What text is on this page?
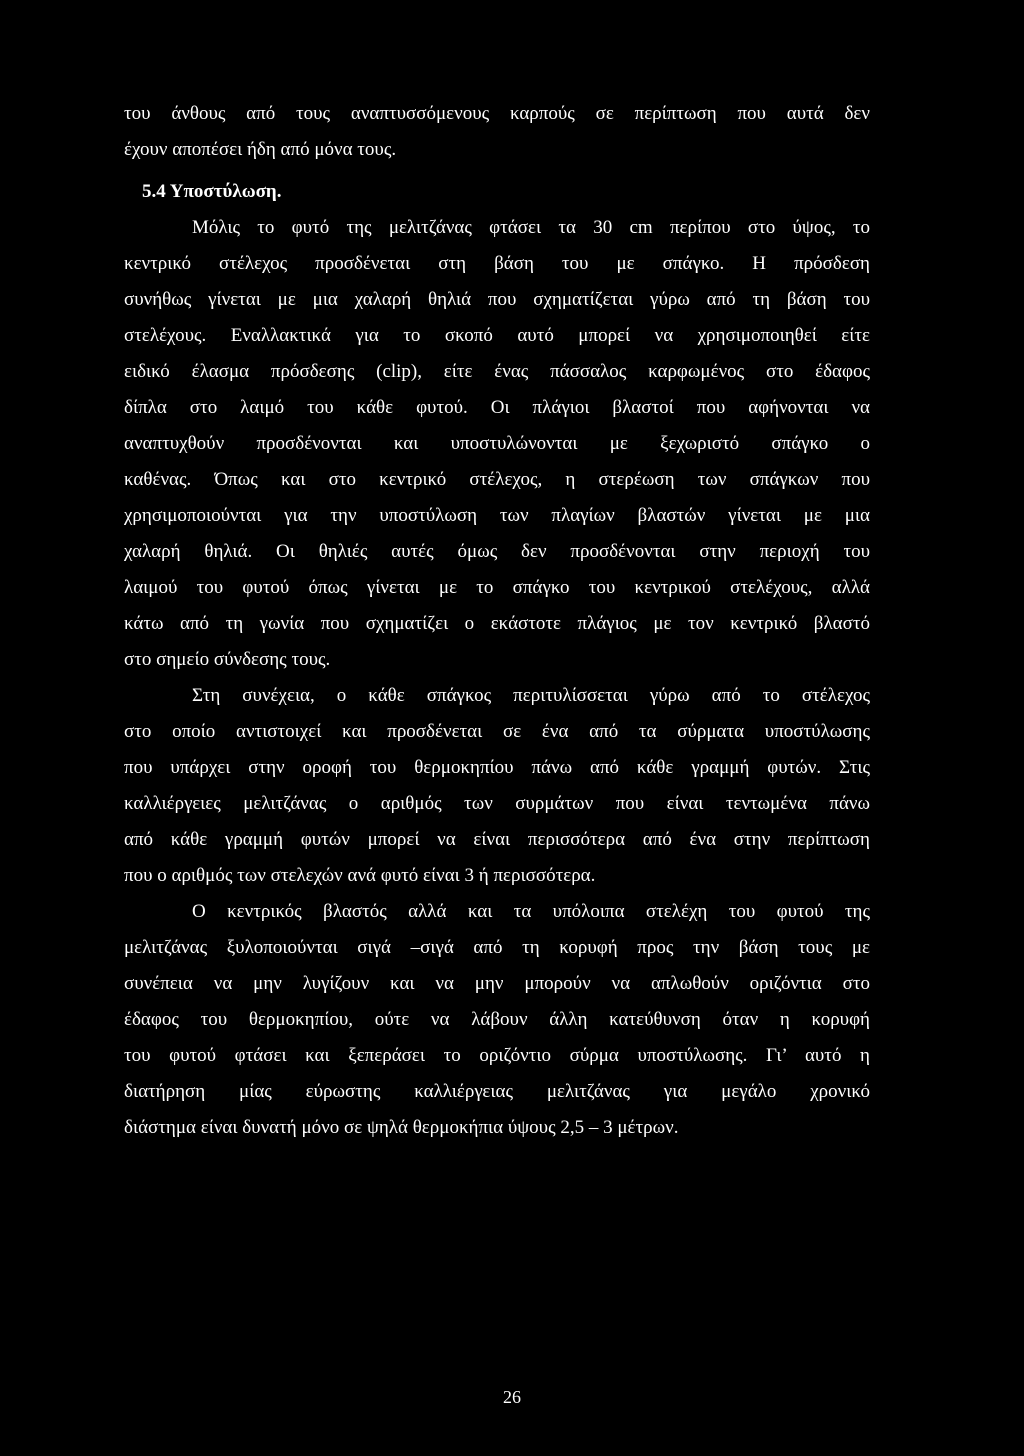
του άνθους από τους αναπτυσσόμενους καρπούς σε περίπτωση που αυτά δεν
έχουν αποπέσει ήδη από μόνα τους.
5.4 Υποστύλωση.
Μόλις το φυτό της μελιτζάνας φτάσει τα 30 cm περίπου στο ύψος, το
κεντρικό στέλεχος προσδένεται στη βάση του με σπάγκο. Η πρόσδεση
συνήθως γίνεται με μια χαλαρή θηλιά που σχηματίζεται γύρω από τη βάση του
στελέχους. Εναλλακτικά για το σκοπό αυτό μπορεί να χρησιμοποιηθεί είτε
ειδικό έλασμα πρόσδεσης (clip), είτε ένας πάσσαλος καρφωμένος στο έδαφος
δίπλα στο λαιμό του κάθε φυτού. Οι πλάγιοι βλαστοί που αφήνονται να
αναπτυχθούν προσδένονται και υποστυλώνονται με ξεχωριστό σπάγκο ο
καθένας. Όπως και στο κεντρικό στέλεχος, η στερέωση των σπάγκων που
χρησιμοποιούνται για την υποστύλωση των πλαγίων βλαστών γίνεται με μια
χαλαρή θηλιά. Οι θηλιές αυτές όμως δεν προσδένονται στην περιοχή του
λαιμού του φυτού όπως γίνεται με το σπάγκο του κεντρικού στελέχους, αλλά
κάτω από τη γωνία που σχηματίζει ο εκάστοτε πλάγιος με τον κεντρικό βλαστό
στο σημείο σύνδεσης τους.
Στη συνέχεια, ο κάθε σπάγκος περιτυλίσσεται γύρω από το στέλεχος
στο οποίο αντιστοιχεί και προσδένεται σε ένα από τα σύρματα υποστύλωσης
που υπάρχει στην οροφή του θερμοκηπίου πάνω από κάθε γραμμή φυτών. Στις
καλλιέργειες μελιτζάνας ο αριθμός των συρμάτων που είναι τεντωμένα πάνω
από κάθε γραμμή φυτών μπορεί να είναι περισσότερα από ένα στην περίπτωση
που ο αριθμός των στελεχών ανά φυτό είναι 3 ή περισσότερα.
Ο κεντρικός βλαστός αλλά και τα υπόλοιπα στελέχη του φυτού της
μελιτζάνας ξυλοποιούνται σιγά –σιγά από τη κορυφή προς την βάση τους με
συνέπεια να μην λυγίζουν και να μην μπορούν να απλωθούν οριζόντια στο
έδαφος του θερμοκηπίου, ούτε να λάβουν άλλη κατεύθυνση όταν η κορυφή
του φυτού φτάσει και ξεπεράσει το οριζόντιο σύρμα υποστύλωσης. Γι’ αυτό η
διατήρηση μίας εύρωστης καλλιέργειας μελιτζάνας για μεγάλο χρονικό
διάστημα είναι δυνατή μόνο σε ψηλά θερμοκήπια ύψους 2,5 – 3 μέτρων.
26
